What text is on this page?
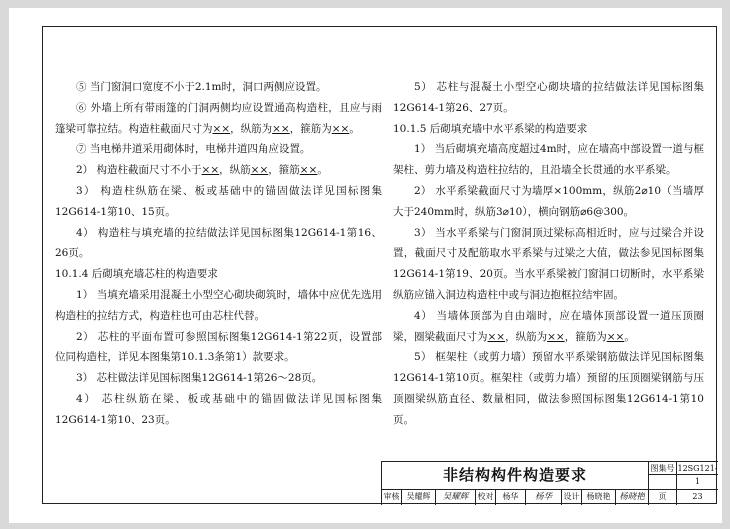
⑤ 当门窗洞口宽度不小于2.1m时，洞口两侧应设置。
⑥ 外墙上所有带雨篷的门洞两侧均应设置通高构造柱，且应与雨篷梁可靠拉结。构造柱截面尺寸为××，纵筋为××，箍筋为××。
⑦ 当电梯井道采用砌体时，电梯井道四角应设置。
2） 构造柱截面尺寸不小于××，纵筋××，箍筋××。
3） 构造柱纵筋在梁、板或基础中的锚固做法详见国标图集12G614-1第10、15页。
4） 构造柱与填充墙的拉结做法详见国标图集12G614-1第16、26页。
10.1.4 后砌填充墙芯柱的构造要求
1） 当填充墙采用混凝土小型空心砌块砌筑时，墙体中应优先选用构造柱的拉结方式，构造柱也可由芯柱代替。
2） 芯柱的平面布置可参照国标图集12G614-1第22页，设置部位同构造柱，详见本图集第10.1.3条第1）款要求。
3） 芯柱做法详见国标图集12G614-1第26～28页。
4） 芯柱纵筋在梁、板或基础中的锚固做法详见国标图集12G614-1第10、23页。
5） 芯柱与混凝土小型空心砌块墙的拉结做法详见国标图集12G614-1第26、27页。
10.1.5 后砌填充墙中水平系梁的构造要求
1） 当后砌填充墙高度超过4m时，应在墙高中部设置一道与框架柱、剪力墙及构造柱拉结的，且沿墙全长贯通的水平系梁。
2） 水平系梁截面尺寸为墙厚×100mm，纵筋2⌀10（当墙厚大于240mm时，纵筋3⌀10），横向钢筋⌀6@300。
3） 当水平系梁与门窗洞顶过梁标高相近时，应与过梁合并设置，截面尺寸及配筋取水平系梁与过梁之大值，做法参见国标图集12G614-1第19、20页。当水平系梁被门窗洞口切断时，水平系梁纵筋应锚入洞边构造柱中或与洞边抱框拉结牢固。
4） 当墙体顶部为自由端时，应在墙体顶部设置一道压顶圈梁，圈梁截面尺寸为××，纵筋为××，箍筋为××。
5） 框架柱（或剪力墙）预留水平系梁钢筋做法详见国标图集12G614-1第10页。框架柱（或剪力墙）预留的压顶圈梁钢筋与压顶圈梁纵筋直径、数量相同，做法参照国标图集12G614-1第10页。
非结构构件构造要求	图集号 12SG121-1
审核 吴耀辉	吴耀辉	校对	杨华	杨华	设计 杨晓艳	杨晓艳	页	23
